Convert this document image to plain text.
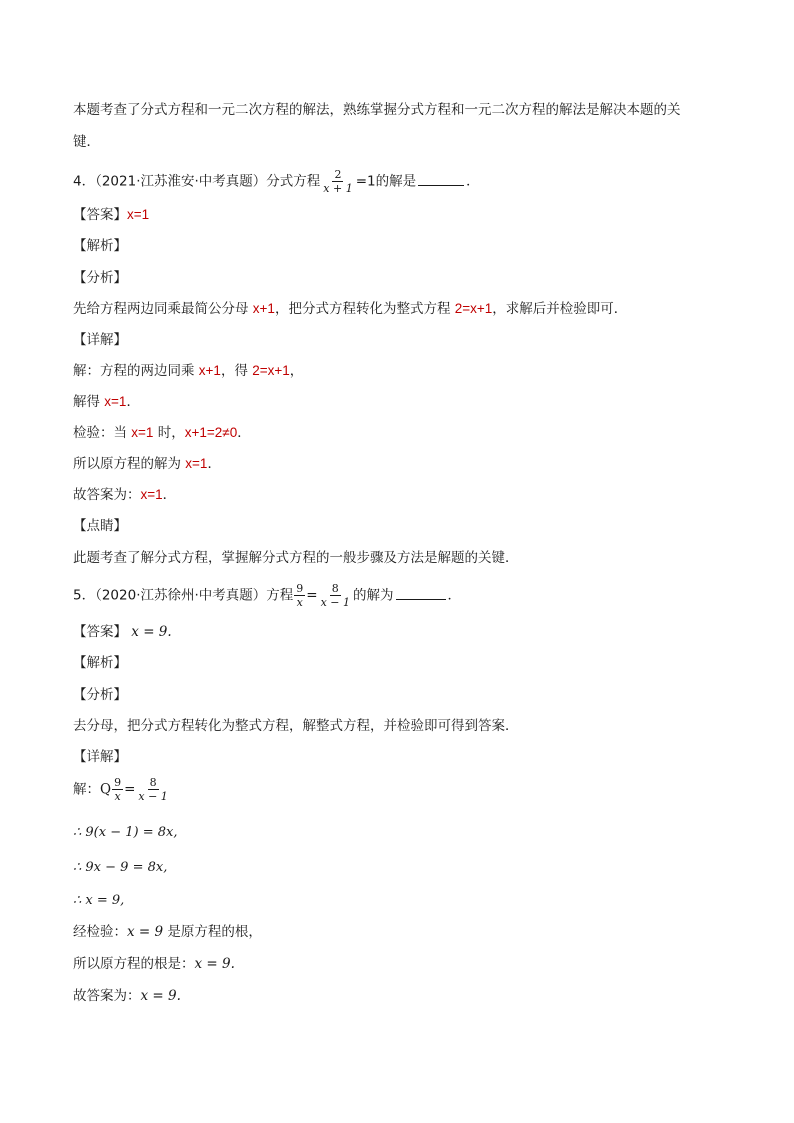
本题考查了分式方程和一元二次方程的解法，熟练掌握分式方程和一元二次方程的解法是解决本题的关
键．
4．（2021·江苏淮安·中考真题）分式方程 $\frac{2}{x + 1} =1$的解是	．
【答案】x=1
【解析】
【分析】
先给方程两边同乘最简公分母 x+1，把分式方程转化为整式方程 2=x+1，求解后并检验即可．
【详解】
解：方程的两边同乘 x+1，得 2=x+1，
解得 x=1．
检验：当 x=1 时，x+1=2≠0．
所以原方程的解为 x=1．
故答案为：x=1．
【点睛】
此题考查了解分式方程，掌握解分式方程的一般步骤及方法是解题的关键．
5．（2020·江苏徐州·中考真题）方程 $\frac{9}{x} = \frac{8}{x - 1}$ 的解为	．
【答案】 x = 9.
【解析】
【分析】
去分母，把分式方程转化为整式方程，解整式方程，并检验即可得到答案．
【详解】
解：Q $\frac{9}{x} = \frac{8}{x - 1}$
∴ 9(x − 1) = 8x,
∴ 9x − 9 = 8x,
∴ x = 9,
经检验：x = 9 是原方程的根，
所以原方程的根是：x = 9.
故答案为：x = 9.
